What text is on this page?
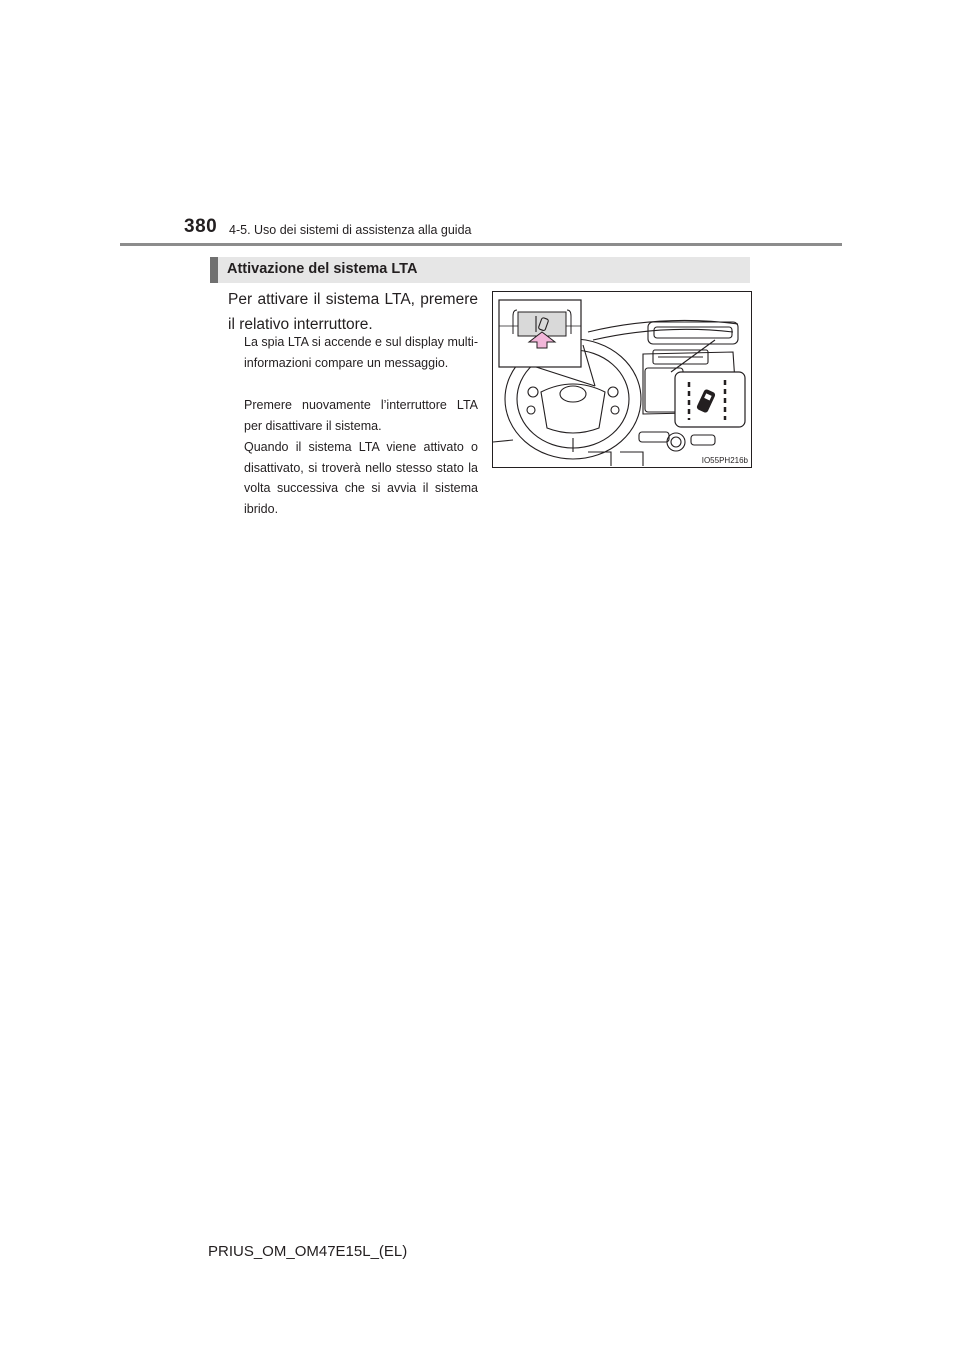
380 4-5. Uso dei sistemi di assistenza alla guida
Attivazione del sistema LTA
Per attivare il sistema LTA, premere il relativo interruttore.
La spia LTA si accende e sul display multi-informazioni compare un messaggio.
Premere nuovamente l’interruttore LTA per disattivare il sistema.
Quando il sistema LTA viene attivato o disattivato, si troverà nello stesso stato la volta successiva che si avvia il sistema ibrido.
IO55PH216b
PRIUS_OM_OM47E15L_(EL)
